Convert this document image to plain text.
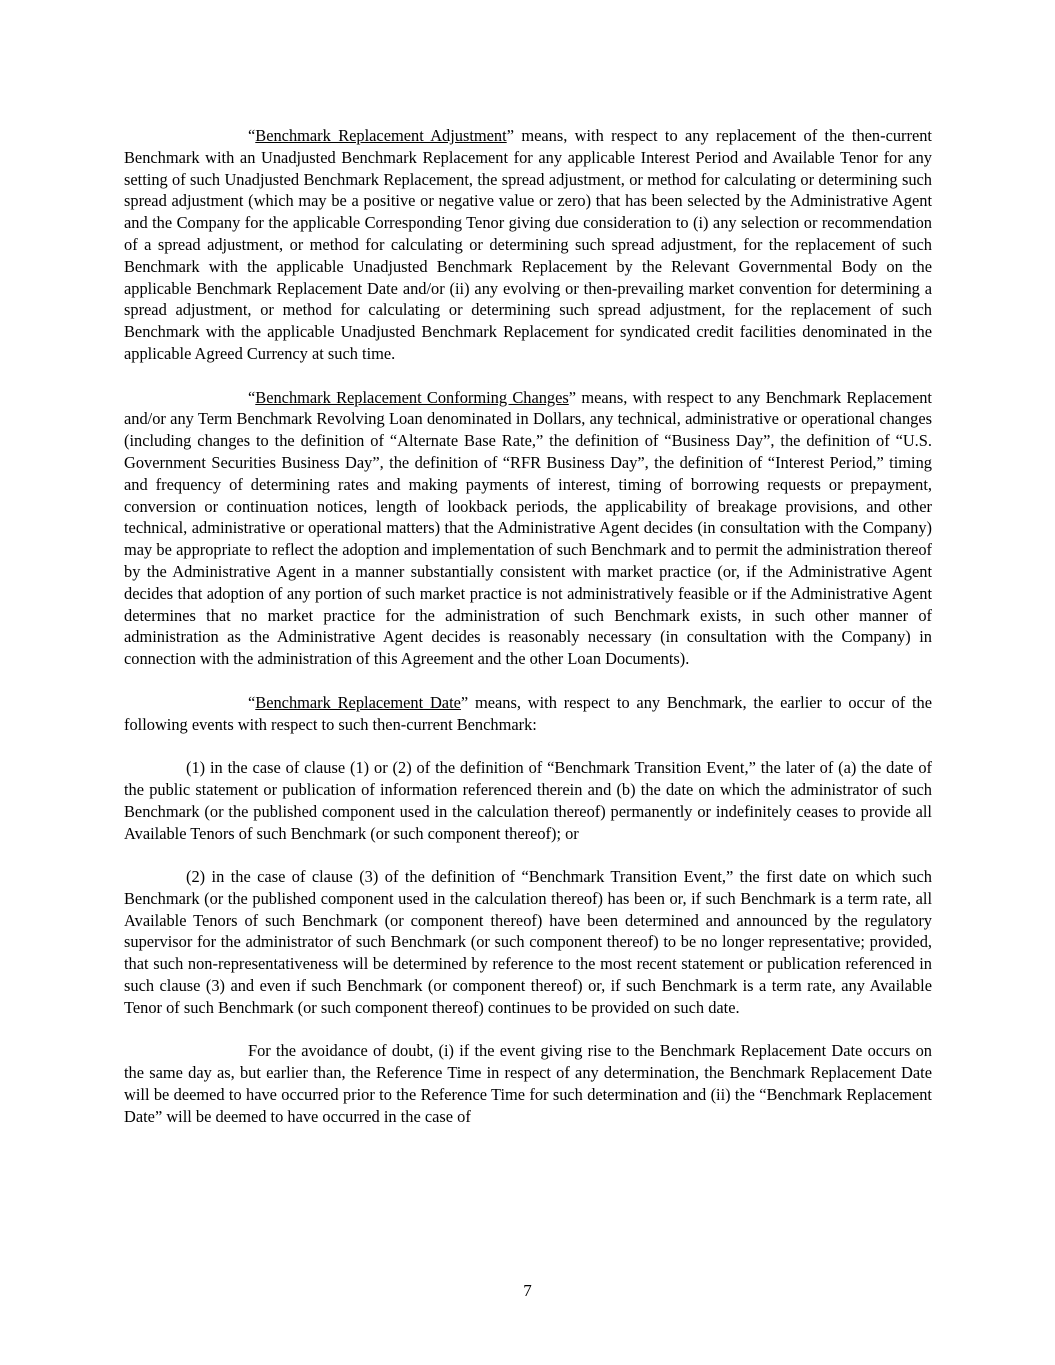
“Benchmark Replacement Adjustment” means, with respect to any replacement of the then-current Benchmark with an Unadjusted Benchmark Replacement for any applicable Interest Period and Available Tenor for any setting of such Unadjusted Benchmark Replacement, the spread adjustment, or method for calculating or determining such spread adjustment (which may be a positive or negative value or zero) that has been selected by the Administrative Agent and the Company for the applicable Corresponding Tenor giving due consideration to (i) any selection or recommendation of a spread adjustment, or method for calculating or determining such spread adjustment, for the replacement of such Benchmark with the applicable Unadjusted Benchmark Replacement by the Relevant Governmental Body on the applicable Benchmark Replacement Date and/or (ii) any evolving or then-prevailing market convention for determining a spread adjustment, or method for calculating or determining such spread adjustment, for the replacement of such Benchmark with the applicable Unadjusted Benchmark Replacement for syndicated credit facilities denominated in the applicable Agreed Currency at such time.

“Benchmark Replacement Conforming Changes” means, with respect to any Benchmark Replacement and/or any Term Benchmark Revolving Loan denominated in Dollars, any technical, administrative or operational changes (including changes to the definition of “Alternate Base Rate,” the definition of “Business Day”, the definition of “U.S. Government Securities Business Day”, the definition of “RFR Business Day”, the definition of “Interest Period,” timing and frequency of determining rates and making payments of interest, timing of borrowing requests or prepayment, conversion or continuation notices, length of lookback periods, the applicability of breakage provisions, and other technical, administrative or operational matters) that the Administrative Agent decides (in consultation with the Company) may be appropriate to reflect the adoption and implementation of such Benchmark and to permit the administration thereof by the Administrative Agent in a manner substantially consistent with market practice (or, if the Administrative Agent decides that adoption of any portion of such market practice is not administratively feasible or if the Administrative Agent determines that no market practice for the administration of such Benchmark exists, in such other manner of administration as the Administrative Agent decides is reasonably necessary (in consultation with the Company) in connection with the administration of this Agreement and the other Loan Documents).

“Benchmark Replacement Date” means, with respect to any Benchmark, the earlier to occur of the following events with respect to such then-current Benchmark:

(1) in the case of clause (1) or (2) of the definition of “Benchmark Transition Event,” the later of (a) the date of the public statement or publication of information referenced therein and (b) the date on which the administrator of such Benchmark (or the published component used in the calculation thereof) permanently or indefinitely ceases to provide all Available Tenors of such Benchmark (or such component thereof); or

(2) in the case of clause (3) of the definition of “Benchmark Transition Event,” the first date on which such Benchmark (or the published component used in the calculation thereof) has been or, if such Benchmark is a term rate, all Available Tenors of such Benchmark (or component thereof) have been determined and announced by the regulatory supervisor for the administrator of such Benchmark (or such component thereof) to be no longer representative; provided, that such non-representativeness will be determined by reference to the most recent statement or publication referenced in such clause (3) and even if such Benchmark (or component thereof) or, if such Benchmark is a term rate, any Available Tenor of such Benchmark (or such component thereof) continues to be provided on such date.

For the avoidance of doubt, (i) if the event giving rise to the Benchmark Replacement Date occurs on the same day as, but earlier than, the Reference Time in respect of any determination, the Benchmark Replacement Date will be deemed to have occurred prior to the Reference Time for such determination and (ii) the “Benchmark Replacement Date” will be deemed to have occurred in the case of

7
